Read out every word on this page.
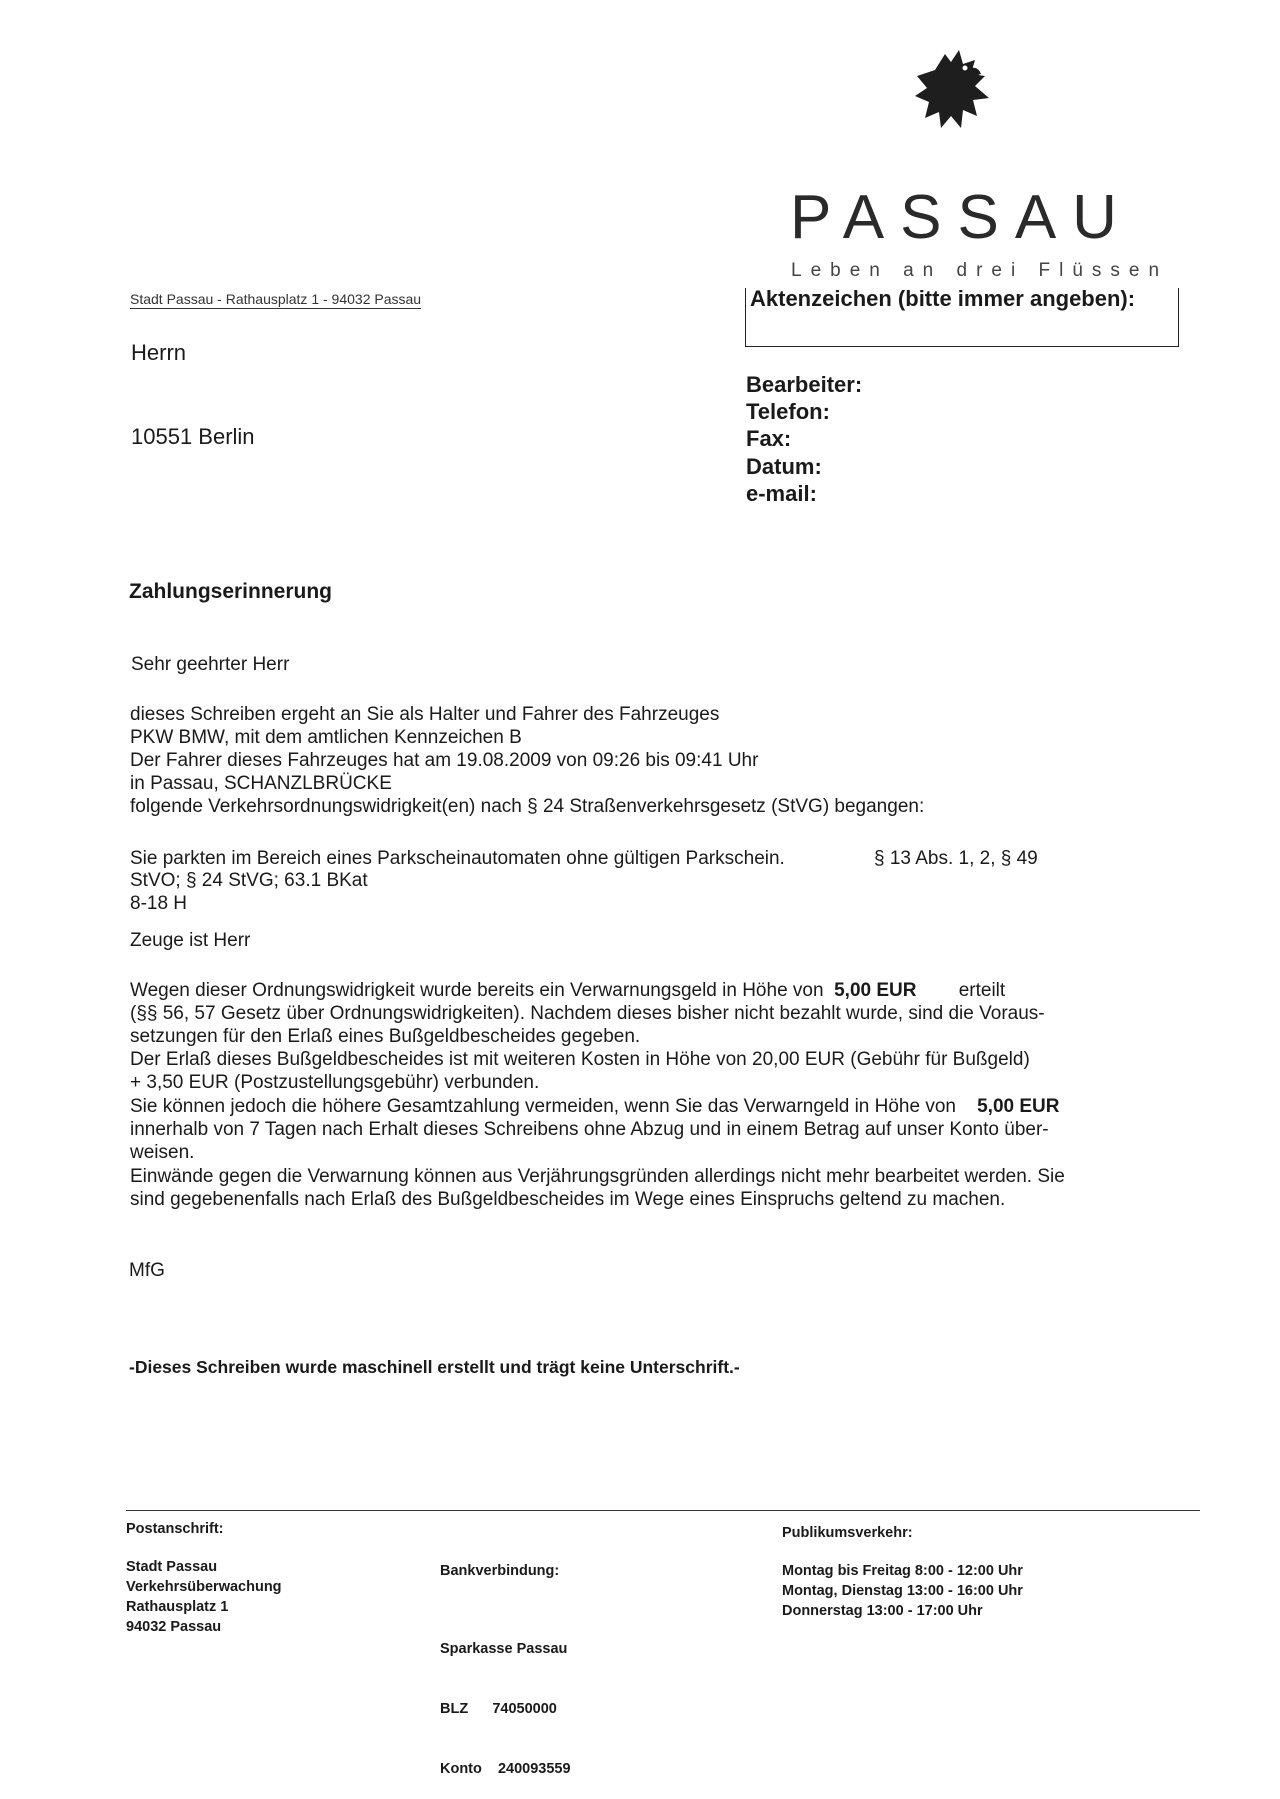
PASSAU
Leben an drei Flüssen
Stadt Passau - Rathausplatz 1 - 94032 Passau
Herrn
10551 Berlin
Aktenzeichen (bitte immer angeben):
Bearbeiter:
Telefon:
Fax:
Datum:
e-mail:
Zahlungserinnerung
Sehr geehrter Herr
dieses Schreiben ergeht an Sie als Halter und Fahrer des Fahrzeuges
PKW BMW, mit dem amtlichen Kennzeichen B
Der Fahrer dieses Fahrzeuges hat am 19.08.2009 von 09:26 bis 09:41 Uhr
in Passau, SCHANZLBRÜCKE
folgende Verkehrsordnungswidrigkeit(en) nach § 24 Straßenverkehrsgesetz (StVG) begangen:
Sie parkten im Bereich eines Parkscheinautomaten ohne gültigen Parkschein.	§ 13 Abs. 1, 2, § 49
StVO; § 24 StVG; 63.1 BKat
8-18 H
Zeuge ist Herr
Wegen dieser Ordnungswidrigkeit wurde bereits ein Verwarnungsgeld in Höhe von 5,00 EUR erteilt
(§§ 56, 57 Gesetz über Ordnungswidrigkeiten). Nachdem dieses bisher nicht bezahlt wurde, sind die Voraus-
setzungen für den Erlaß eines Bußgeldbescheides gegeben.
Der Erlaß dieses Bußgeldbescheides ist mit weiteren Kosten in Höhe von 20,00 EUR (Gebühr für Bußgeld)
+ 3,50 EUR (Postzustellungsgebühr) verbunden.
Sie können jedoch die höhere Gesamtzahlung vermeiden, wenn Sie das Verwarngeld in Höhe von 5,00 EUR
innerhalb von 7 Tagen nach Erhalt dieses Schreibens ohne Abzug und in einem Betrag auf unser Konto über-
weisen.
Einwände gegen die Verwarnung können aus Verjährungsgründen allerdings nicht mehr bearbeitet werden. Sie
sind gegebenenfalls nach Erlaß des Bußgeldbescheides im Wege eines Einspruchs geltend zu machen.
MfG
-Dieses Schreiben wurde maschinell erstellt und trägt keine Unterschrift.-
Postanschrift:
Stadt Passau
Verkehrsüberwachung
Rathausplatz 1
94032 Passau

Bankverbindung:

Sparkasse Passau

BLZ      74050000

Konto    240093559

Publikumsverkehr:
Montag bis Freitag 8:00 - 12:00 Uhr
Montag, Dienstag 13:00 - 16:00 Uhr
Donnerstag 13:00 - 17:00 Uhr
